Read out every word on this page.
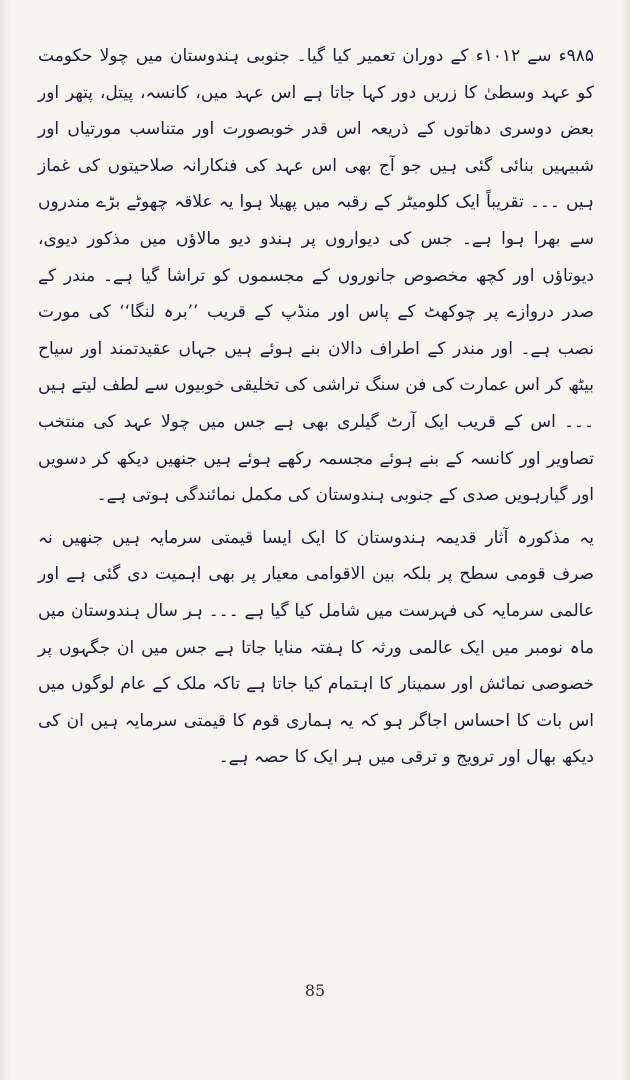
۹۸۵ء سے ۱۰۱۲ء کے دوران تعمیر کیا گیا۔ جنوبی ہندوستان میں چولا حکومت کو عہد وسطیٰ کا زریں دور کہا جاتا ہے اس عہد میں، کانسہ، پیتل، پتھر اور بعض دوسری دھاتوں کے ذریعہ اس قدر خوبصورت اور متناسب مورتیاں اور شبیہیں بنائی گئی ہیں جو آج بھی اس عہد کی فنکارانہ صلاحیتوں کی غماز ہیں ۔۔۔ تقریباً ایک کلومیٹر کے رقبہ میں پھیلا ہوا یہ علاقہ چھوٹے بڑے مندروں سے بھرا ہوا ہے۔ جس کی دیواروں پر ہندو دیو مالاؤں میں مذکور دیوی، دیوتاؤں اور کچھ مخصوص جانوروں کے مجسموں کو تراشا گیا ہے۔ مندر کے صدر دروازے پر چوکھٹ کے پاس اور منڈپ کے قریب ’’برہ لنگا‘‘ کی مورت نصب ہے۔ اور مندر کے اطراف دالان بنے ہوئے ہیں جہاں عقیدتمند اور سیاح بیٹھ کر اس عمارت کی فن سنگ تراشی کی تخلیقی خوبیوں سے لطف لیتے ہیں ۔۔۔ اس کے قریب ایک آرٹ گیلری بھی ہے جس میں چولا عہد کی منتخب تصاویر اور کانسہ کے بنے ہوئے مجسمہ رکھے ہوئے ہیں جنھیں دیکھ کر دسویں اور گیارہویں صدی کے جنوبی ہندوستان کی مکمل نمائندگی ہوتی ہے۔

یہ مذکورہ آثار قدیمہ ہندوستان کا ایک ایسا قیمتی سرمایہ ہیں جنھیں نہ صرف قومی سطح پر بلکہ بین الاقوامی معیار پر بھی اہمیت دی گئی ہے اور عالمی سرمایہ کی فہرست میں شامل کیا گیا ہے ۔۔۔ ہر سال ہندوستان میں ماہ نومبر میں ایک عالمی ورثہ کا ہفتہ منایا جاتا ہے جس میں ان جگہوں پر خصوصی نمائش اور سمینار کا اہتمام کیا جاتا ہے تاکہ ملک کے عام لوگوں میں اس بات کا احساس اجاگر ہو کہ یہ ہماری قوم کا قیمتی سرمایہ ہیں ان کی دیکھ بھال اور ترویج و ترقی میں ہر ایک کا حصہ ہے۔

85
